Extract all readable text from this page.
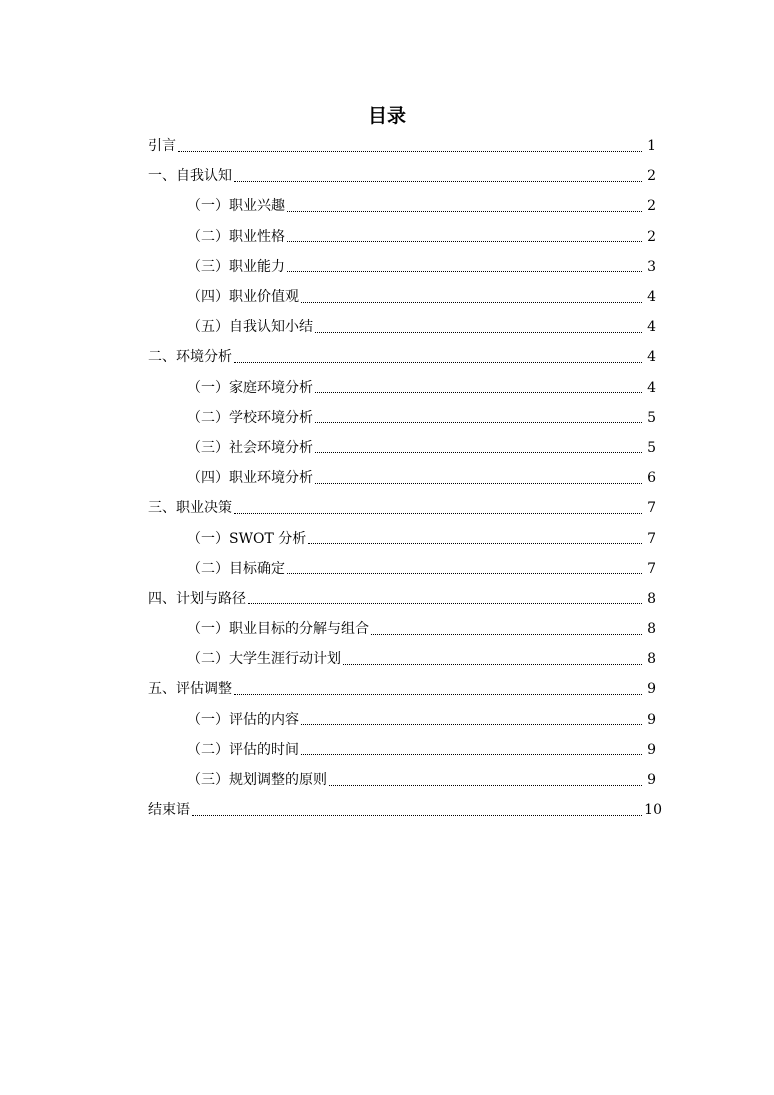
目录
引言	1
一、自我认知	2
（一）职业兴趣	2
（二）职业性格	2
（三）职业能力	3
（四）职业价值观	4
（五）自我认知小结	4
二、环境分析	4
（一）家庭环境分析	4
（二）学校环境分析	5
（三）社会环境分析	5
（四）职业环境分析	6
三、职业决策	7
（一）SWOT 分析	7
（二）目标确定	7
四、计划与路径	8
（一）职业目标的分解与组合	8
（二）大学生涯行动计划	8
五、评估调整	9
（一）评估的内容	9
（二）评估的时间	9
（三）规划调整的原则	9
结束语	10
